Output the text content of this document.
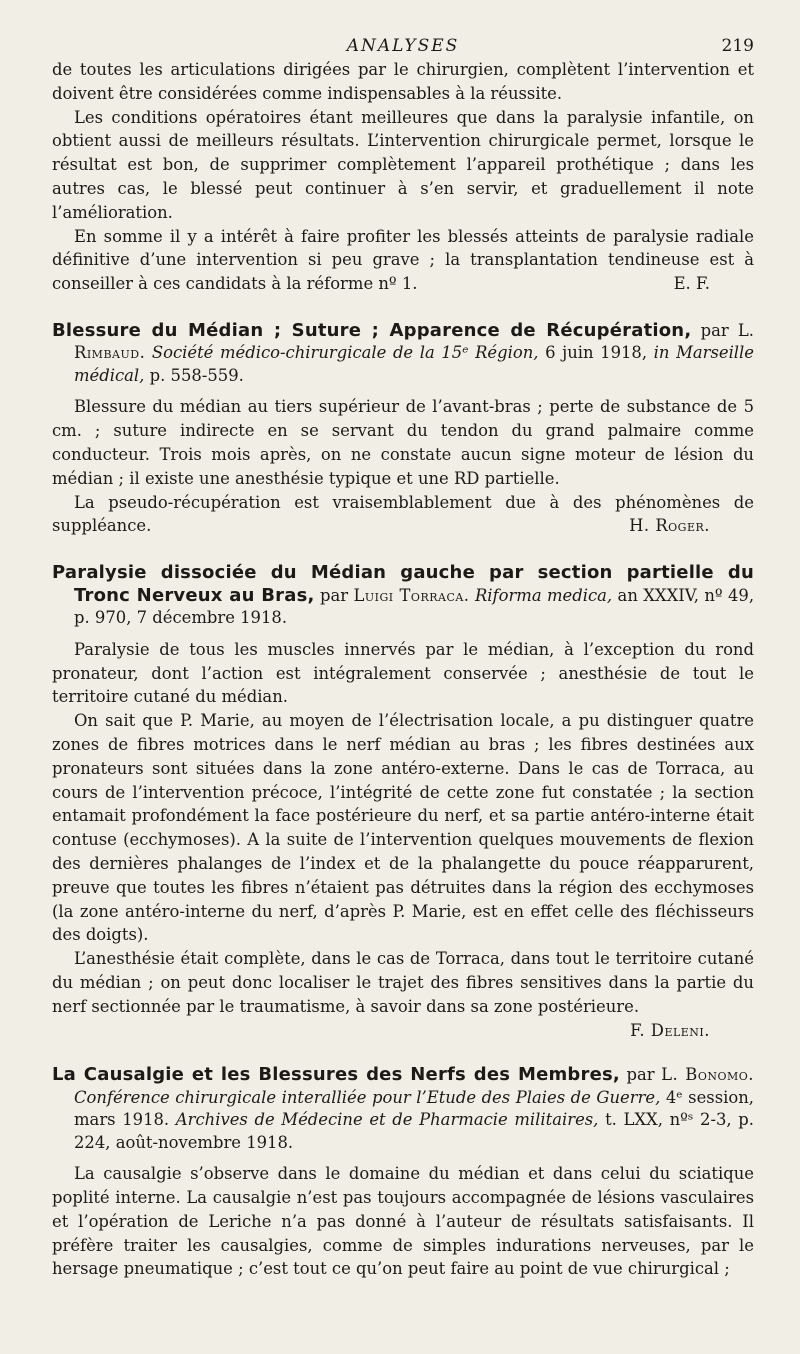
ANALYSES	219

de toutes les articulations dirigées par le chirurgien, complètent l’intervention et doivent être considérées comme indispensables à la réussite.

Les conditions opératoires étant meilleures que dans la paralysie infantile, on obtient aussi de meilleurs résultats. L’intervention chirurgicale permet, lorsque le résultat est bon, de supprimer complètement l’appareil prothétique ; dans les autres cas, le blessé peut continuer à s’en servir, et graduellement il note l’amélioration.

En somme il y a intérêt à faire profiter les blessés atteints de paralysie radiale définitive d’une intervention si peu grave ; la transplantation tendineuse est à conseiller à ces candidats à la réforme nº 1.	E. F.

Blessure du Médian ; Suture ; Apparence de Récupération, par L. Rimbaud. Société médico-chirurgicale de la 15ᵉ Région, 6 juin 1918, in Marseille médical, p. 558-559.

Blessure du médian au tiers supérieur de l’avant-bras ; perte de substance de 5 cm. ; suture indirecte en se servant du tendon du grand palmaire comme conducteur. Trois mois après, on ne constate aucun signe moteur de lésion du médian ; il existe une anesthésie typique et une RD partielle.

La pseudo-récupération est vraisemblablement due à des phénomènes de suppléance.	H. Roger.

Paralysie dissociée du Médian gauche par section partielle du Tronc Nerveux au Bras, par Luigi Torraca. Riforma medica, an XXXIV, nº 49, p. 970, 7 décembre 1918.

Paralysie de tous les muscles innervés par le médian, à l’exception du rond pronateur, dont l’action est intégralement conservée ; anesthésie de tout le territoire cutané du médian.

On sait que P. Marie, au moyen de l’électrisation locale, a pu distinguer quatre zones de fibres motrices dans le nerf médian au bras ; les fibres destinées aux pronateurs sont situées dans la zone antéro-externe. Dans le cas de Torraca, au cours de l’intervention précoce, l’intégrité de cette zone fut constatée ; la section entamait profondément la face postérieure du nerf, et sa partie antéro-interne était contuse (ecchymoses). A la suite de l’intervention quelques mouvements de flexion des dernières phalanges de l’index et de la phalangette du pouce réapparurent, preuve que toutes les fibres n’étaient pas détruites dans la région des ecchymoses (la zone antéro-interne du nerf, d’après P. Marie, est en effet celle des fléchisseurs des doigts).

L’anesthésie était complète, dans le cas de Torraca, dans tout le territoire cutané du médian ; on peut donc localiser le trajet des fibres sensitives dans la partie du nerf sectionnée par le traumatisme, à savoir dans sa zone postérieure.

F. Deleni.

La Causalgie et les Blessures des Nerfs des Membres, par L. Bonomo. Conférence chirurgicale interalliée pour l’Etude des Plaies de Guerre, 4ᵉ session, mars 1918. Archives de Médecine et de Pharmacie militaires, t. LXX, nºˢ 2-3, p. 224, août-novembre 1918.

La causalgie s’observe dans le domaine du médian et dans celui du sciatique poplité interne. La causalgie n’est pas toujours accompagnée de lésions vasculaires et l’opération de Leriche n’a pas donné à l’auteur de résultats satisfaisants. Il préfère traiter les causalgies, comme de simples indurations nerveuses, par le hersage pneumatique ; c’est tout ce qu’on peut faire au point de vue chirurgical ;
